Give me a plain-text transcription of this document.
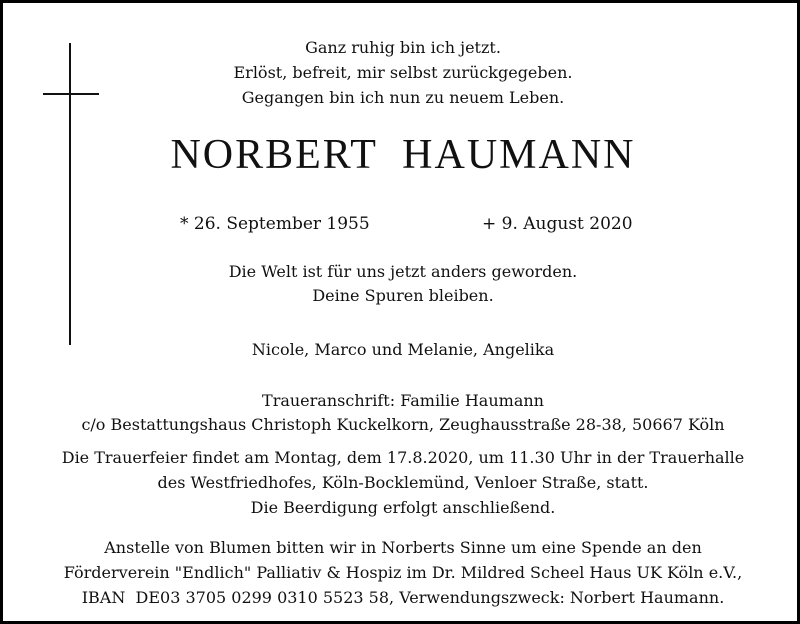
Ganz ruhig bin ich jetzt.
Erlöst, befreit, mir selbst zurückgegeben.
Gegangen bin ich nun zu neuem Leben.
NORBERT  HAUMANN
* 26. September 1955	+ 9. August 2020
Die Welt ist für uns jetzt anders geworden.
Deine Spuren bleiben.
Nicole, Marco und Melanie, Angelika
Traueranschrift: Familie Haumann
c/o Bestattungshaus Christoph Kuckelkorn, Zeughausstraße 28-38, 50667 Köln
Die Trauerfeier findet am Montag, dem 17.8.2020, um 11.30 Uhr in der Trauerhalle
des Westfriedhofes, Köln-Bocklemünd, Venloer Straße, statt.
Die Beerdigung erfolgt anschließend.
Anstelle von Blumen bitten wir in Norberts Sinne um eine Spende an den
Förderverein "Endlich" Palliativ & Hospiz im Dr. Mildred Scheel Haus UK Köln e.V.,
IBAN  DE03 3705 0299 0310 5523 58, Verwendungszweck: Norbert Haumann.
